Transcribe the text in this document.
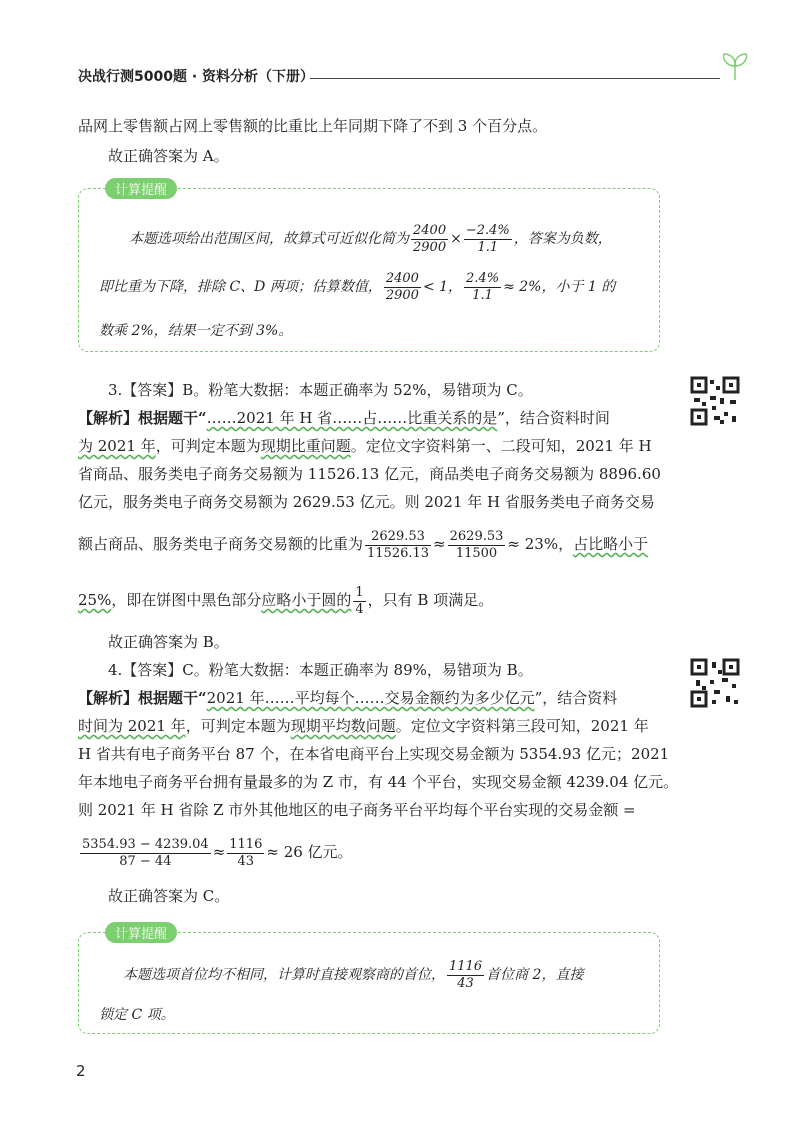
决战行测5000题 · 资料分析（下册）
品网上零售额占网上零售额的比重比上年同期下降了不到 3 个百分点。
故正确答案为 A。
计算提醒
本题选项给出范围区间，故算式可近似化简为 $\frac{2400}{2900} \times \frac{-2.4\%}{1.1}$ ，答案为负数，
即比重为下降，排除 C、D 两项；估算数值， $\frac{2400}{2900} < 1$， $\frac{2.4\%}{1.1} \approx 2\%$，小于 1 的
数乘 2%，结果一定不到 3%。
3.【答案】B。粉笔大数据：本题正确率为 52%，易错项为 C。
【解析】根据题干“……2021 年 H 省……占……比重关系的是”，结合资料时间
为 2021 年，可判定本题为现期比重问题。定位文字资料第一、二段可知，2021 年 H
省商品、服务类电子商务交易额为 11526.13 亿元，商品类电子商务交易额为 8896.60
亿元，服务类电子商务交易额为 2629.53 亿元。则 2021 年 H 省服务类电子商务交易
额占商品、服务类电子商务交易额的比重为 $\frac{2629.53}{11526.13} \approx \frac{2629.53}{11500} \approx 23\%$，占比略小于
25%，即在饼图中黑色部分应略小于圆的 $\frac{1}{4}$ ，只有 B 项满足。
故正确答案为 B。
4.【答案】C。粉笔大数据：本题正确率为 89%，易错项为 B。
【解析】根据题干“2021 年……平均每个……交易金额约为多少亿元”，结合资料
时间为 2021 年，可判定本题为现期平均数问题。定位文字资料第三段可知，2021 年
H 省共有电子商务平台 87 个，在本省电商平台上实现交易金额为 5354.93 亿元；2021
年本地电子商务平台拥有量最多的为 Z 市，有 44 个平台，实现交易金额 4239.04 亿元。
则 2021 年 H 省除 Z 市外其他地区的电子商务平台平均每个平台实现的交易金额 =
$\frac{5354.93 - 4239.04}{87 - 44} \approx \frac{1116}{43} \approx 26$ 亿元。
故正确答案为 C。
计算提醒
本题选项首位均不相同，计算时直接观察商的首位， $\frac{1116}{43}$ 首位商 2，直接
锁定 C 项。
2
